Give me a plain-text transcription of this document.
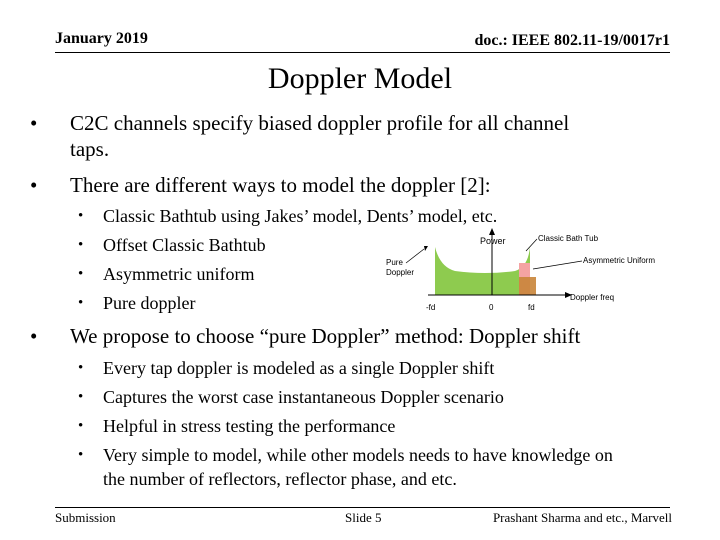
January 2019	doc.: IEEE 802.11-19/0017r1
Doppler Model
• C2C channels specify biased doppler profile for all channel
taps.
• There are different ways to model the doppler [2]:
• Classic Bathtub using Jakes’ model, Dents’ model, etc.
• Offset Classic Bathtub
• Asymmetric uniform
• Pure doppler
Power	Classic Bath Tub
Asymmetric Uniform
Pure
Doppler
Doppler freq
-fd	0	fd
• We propose to choose “pure Doppler” method: Doppler shift
• Every tap doppler is modeled as a single Doppler shift
• Captures the worst case instantaneous Doppler scenario
• Helpful in stress testing the performance
• Very simple to model, while other models needs to have knowledge on
the number of reflectors, reflector phase, and etc.
Submission	Slide 5	Prashant Sharma and etc., Marvell
